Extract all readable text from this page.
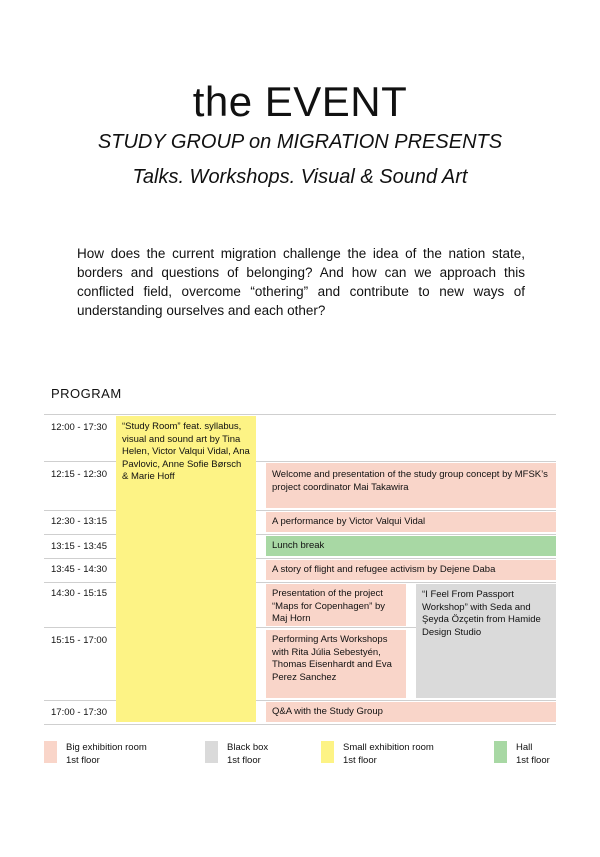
the EVENT
STUDY GROUP on MIGRATION PRESENTS
Talks. Workshops. Visual & Sound Art
How does the current migration challenge the idea of the nation state, borders and questions of belonging? And how can we approach this conflicted field, overcome “othering” and contribute to new ways of understanding ourselves and each other?
PROGRAM
12:00 - 17:30
12:15 - 12:30
12:30 - 13:15
13:15 - 13:45
13:45 - 14:30
14:30 - 15:15
15:15 - 17:00
17:00 - 17:30
“Study Room” feat. syllabus, visual and sound art by Tina Helen, Victor Valqui Vidal, Ana Pavlovic, Anne Sofie Børsch & Marie Hoff	Welcome and presentation of the study group concept by MFSK’s project coordinator Mai Takawira
A performance by Victor Valqui Vidal
Lunch break
A story of flight and refugee activism by Dejene Daba
Presentation of the project “Maps for Copenhagen” by Maj Horn
“I Feel From Passport Workshop” with Seda and Şeyda Özçetin from Hamide Design Studio
Performing Arts Workshops with Rita Júlia Sebestyén, Thomas Eisenhardt and Eva Perez Sanchez
Q&A with the Study Group
Big exhibition room
1st floor
Black box
1st floor
Small exhibition room
1st floor
Hall
1st floor
